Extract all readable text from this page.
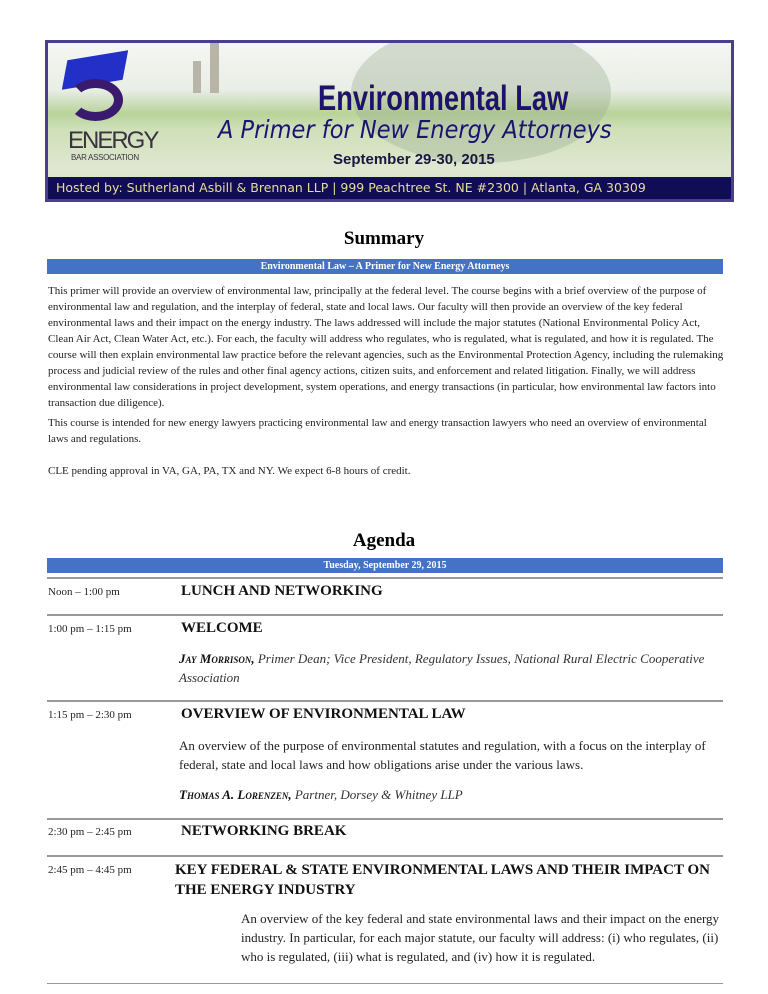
ENERGY
BAR ASSOCIATION
Environmental Law
A Primer for New Energy Attorneys
September 29-30, 2015
Hosted by: Sutherland Asbill & Brennan LLP | 999 Peachtree St. NE #2300 | Atlanta, GA 30309
Summary
Environmental Law – A Primer for New Energy Attorneys

This primer will provide an overview of environmental law, principally at the federal level. The course begins with a brief overview of the purpose of environmental law and regulation, and the interplay of federal, state and local laws. Our faculty will then provide an overview of the key federal environmental laws and their impact on the energy industry. The laws addressed will include the major statutes (National Environmental Policy Act, Clean Air Act, Clean Water Act, etc.). For each, the faculty will address who regulates, who is regulated, what is regulated, and how it is regulated. The course will then explain environmental law practice before the relevant agencies, such as the Environmental Protection Agency, including the rulemaking process and judicial review of the rules and other final agency actions, citizen suits, and enforcement and related litigation. Finally, we will address environmental law considerations in project development, system operations, and energy transactions (in particular, how environmental law factors into transaction due diligence).

This course is intended for new energy lawyers practicing environmental law and energy transaction lawyers who need an overview of environmental laws and regulations.

CLE pending approval in VA, GA, PA, TX and NY. We expect 6-8 hours of credit.

Agenda
Tuesday, September 29, 2015
Noon – 1:00 pm	LUNCH AND NETWORKING
1:00 pm – 1:15 pm	WELCOME
Jay Morrison, Primer Dean; Vice President, Regulatory Issues, National Rural Electric Cooperative Association
1:15 pm – 2:30 pm	OVERVIEW OF ENVIRONMENTAL LAW
An overview of the purpose of environmental statutes and regulation, with a focus on the interplay of federal, state and local laws and how obligations arise under the various laws.
Thomas A. Lorenzen, Partner, Dorsey & Whitney LLP
2:30 pm – 2:45 pm	NETWORKING BREAK
2:45 pm – 4:45 pm	KEY FEDERAL & STATE ENVIRONMENTAL LAWS AND THEIR IMPACT ON THE ENERGY INDUSTRY
An overview of the key federal and state environmental laws and their impact on the energy industry. In particular, for each major statute, our faculty will address: (i) who regulates, (ii) who is regulated, (iii) what is regulated, and (iv) how it is regulated.
